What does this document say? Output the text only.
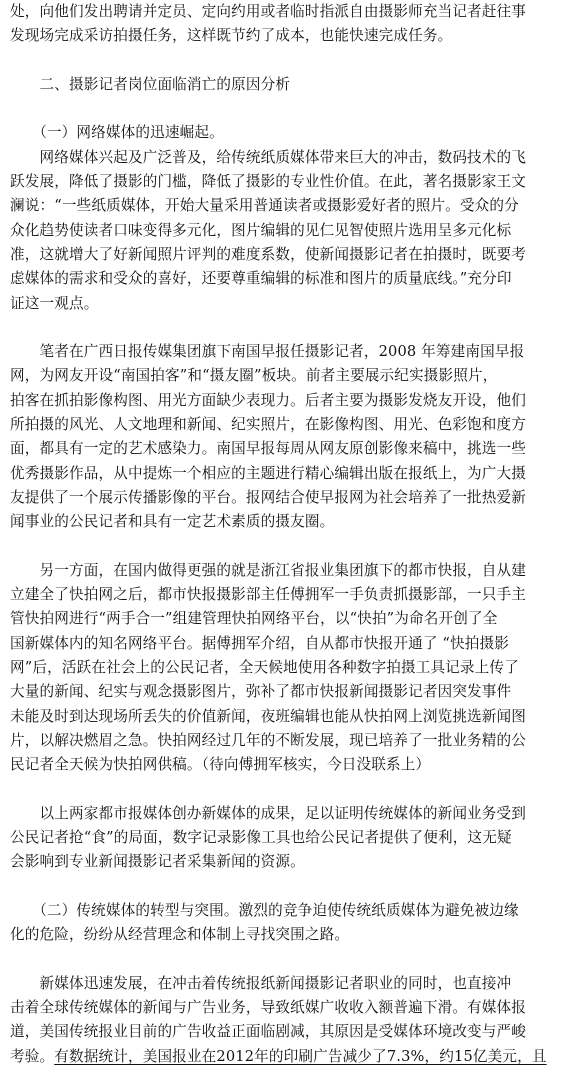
处，向他们发出聘请并定员、定向约用或者临时指派自由摄影师充当记者赶往事
发现场完成采访拍摄任务，这样既节约了成本，也能快速完成任务。
　　二、摄影记者岗位面临消亡的原因分析
　　（一）网络媒体的迅速崛起。
　　网络媒体兴起及广泛普及，给传统纸质媒体带来巨大的冲击，数码技术的飞
跃发展，降低了摄影的门槛，降低了摄影的专业性价值。在此，著名摄影家王文
澜说：“一些纸质媒体，开始大量采用普通读者或摄影爱好者的照片。受众的分
众化趋势使读者口味变得多元化，图片编辑的见仁见智使照片选用呈多元化标
准，这就增大了好新闻照片评判的难度系数，使新闻摄影记者在拍摄时，既要考
虑媒体的需求和受众的喜好，还要尊重编辑的标准和图片的质量底线。”充分印
证这一观点。
　　笔者在广西日报传媒集团旗下南国早报任摄影记者，2008 年筹建南国早报
网，为网友开设“南国拍客”和“摄友圈”板块。前者主要展示纪实摄影照片，
拍客在抓拍影像构图、用光方面缺少表现力。后者主要为摄影发烧友开设，他们
所拍摄的风光、人文地理和新闻、纪实照片，在影像构图、用光、色彩饱和度方
面，都具有一定的艺术感染力。南国早报每周从网友原创影像来稿中，挑选一些
优秀摄影作品，从中提炼一个相应的主题进行精心编辑出版在报纸上，为广大摄
友提供了一个展示传播影像的平台。报网结合使早报网为社会培养了一批热爱新
闻事业的公民记者和具有一定艺术素质的摄友圈。
　　另一方面，在国内做得更强的就是浙江省报业集团旗下的都市快报，自从建
立建全了快拍网之后，都市快报摄影部主任傅拥军一手负责抓摄影部，一只手主
管快拍网进行“两手合一”组建管理快拍网络平台，以“快拍”为命名开创了全
国新媒体内的知名网络平台。据傅拥军介绍，自从都市快报开通了 “快拍摄影
网”后，活跃在社会上的公民记者，全天候地使用各种数字拍摄工具记录上传了
大量的新闻、纪实与观念摄影图片，弥补了都市快报新闻摄影记者因突发事件
未能及时到达现场所丢失的价值新闻，夜班编辑也能从快拍网上浏览挑选新闻图
片，以解决燃眉之急。快拍网经过几年的不断发展，现已培养了一批业务精的公
民记者全天候为快拍网供稿。（待向傅拥军核实，今日没联系上）
　　以上两家都市报媒体创办新媒体的成果，足以证明传统媒体的新闻业务受到
公民记者抢“食”的局面，数字记录影像工具也给公民记者提供了便利，这无疑
会影响到专业新闻摄影记者采集新闻的资源。
　　（二）传统媒体的转型与突围。激烈的竞争迫使传统纸质媒体为避免被边缘
化的危险，纷纷从经营理念和体制上寻找突围之路。
　　新媒体迅速发展，在冲击着传统报纸新闻摄影记者职业的同时，也直接冲
击着全球传统媒体的新闻与广告业务，导致纸媒广收收入额普遍下滑。有媒体报
道，美国传统报业目前的广告收益正面临剧减，其原因是受媒体环境改变与严峻
考验。有数据统计，美国报业在2012年的印刷广告减少了7.3%，约15亿美元，且
